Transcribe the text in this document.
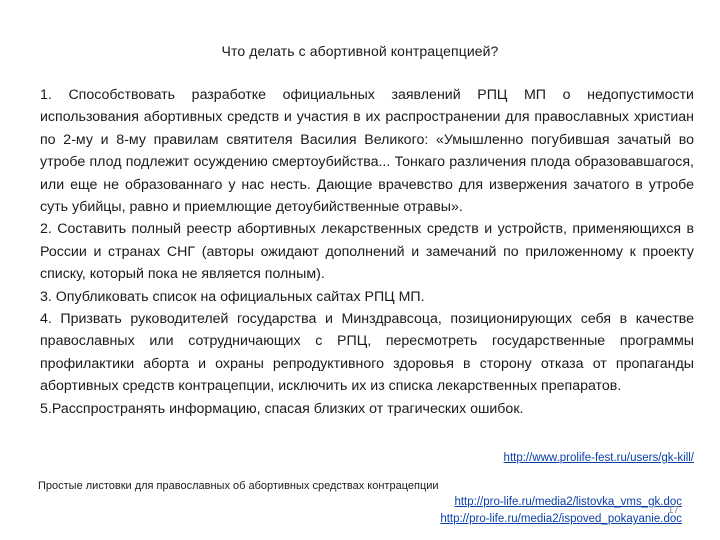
Что делать с абортивной контрацепцией?

1. Способствовать разработке официальных заявлений РПЦ МП о недопустимости использования абортивных средств и участия в их распространении для православных христиан по 2-му и 8-му правилам святителя Василия Великого: «Умышленно погубившая зачатый во утробе плод подлежит осуждению смертоубийства... Тонкаго различения плода образовавшагося, или еще не образованнаго у нас несть. Дающие врачевство для извержения зачатого в утробе суть убийцы, равно и приемлющие детоубийственные отравы».

2. Составить полный реестр абортивных лекарственных средств и устройств, применяющихся в России и странах СНГ (авторы ожидают дополнений и замечаний по приложенному к проекту списку, который пока не является полным).

3. Опубликовать список на официальных сайтах РПЦ МП.

4. Призвать руководителей государства и Минздравсоца, позиционирующих себя в качестве православных или сотрудничающих с РПЦ, пересмотреть государственные программы профилактики аборта и охраны репродуктивного здоровья в сторону отказа от пропаганды абортивных средств контрацепции, исключить их из списка лекарственных препаратов.

5.Расспространять информацию, спасая близких от трагических ошибок.

http://www.prolife-fest.ru/users/gk-kill/
Простые листовки для православных об абортивных средствах контрацепции
http://pro-life.ru/media2/listovka_vms_gk.doc
17
http://pro-life.ru/media2/ispoved_pokayanie.doc
